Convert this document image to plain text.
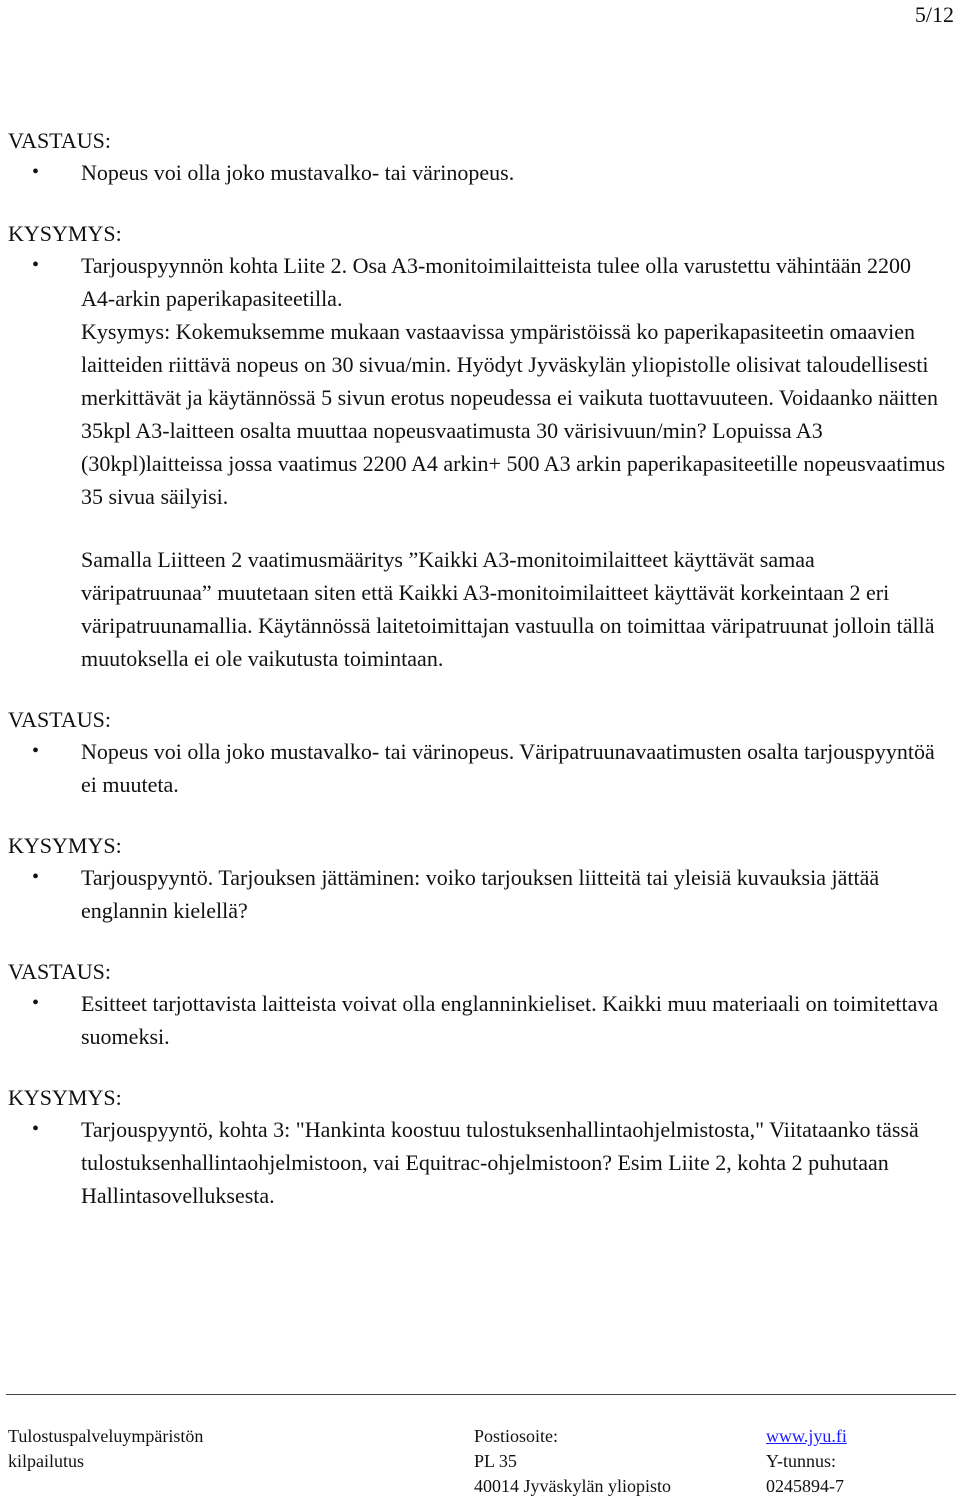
5/12

VASTAUS:

• Nopeus voi olla joko mustavalko- tai värinopeus.

KYSYMYS:

• Tarjouspyynnön kohta Liite 2. Osa A3-monitoimilaitteista tulee olla varustettu vähintään 2200 A4-arkin paperikapasiteetilla.

Kysymys: Kokemuksemme mukaan vastaavissa ympäristöissä ko paperikapasiteetin omaavien laitteiden riittävä nopeus on 30 sivua/min. Hyödyt Jyväskylän yliopistolle olisivat taloudellisesti merkittävät ja käytännössä 5 sivun erotus nopeudessa ei vaikuta tuottavuuteen. Voidaanko näitten 35kpl A3-laitteen osalta muuttaa nopeusvaatimusta 30 värisivuun/min? Lopuissa A3 (30kpl)laitteissa jossa vaatimus 2200 A4 arkin+ 500 A3 arkin paperikapasiteetille nopeusvaatimus 35 sivua säilyisi.

Samalla Liitteen 2 vaatimusmääritys ”Kaikki A3-monitoimilaitteet käyttävät samaa väripatruunaa” muutetaan siten että Kaikki A3-monitoimilaitteet käyttävät korkeintaan 2 eri väripatruunamallia. Käytännössä laitetoimittajan vastuulla on toimittaa väripatruunat jolloin tällä muutoksella ei ole vaikutusta toimintaan.

VASTAUS:

• Nopeus voi olla joko mustavalko- tai värinopeus. Väripatruunavaatimusten osalta tarjouspyyntöä ei muuteta.

KYSYMYS:

• Tarjouspyyntö. Tarjouksen jättäminen: voiko tarjouksen liitteitä tai yleisiä kuvauksia jättää englannin kielellä?

VASTAUS:

• Esitteet tarjottavista laitteista voivat olla englanninkieliset. Kaikki muu materiaali on toimitettava suomeksi.

KYSYMYS:

• Tarjouspyyntö, kohta 3: "Hankinta koostuu tulostuksenhallintaohjelmistosta," Viitataanko tässä tulostuksenhallintaohjelmistoon, vai Equitrac-ohjelmistoon? Esim Liite 2, kohta 2 puhutaan Hallintasovelluksesta.
Tulostuspalveluympäristön
kilpailutus
Postiosoite:
PL 35
40014 Jyväskylän yliopisto
www.jyu.fi
Y-tunnus:
0245894-7
